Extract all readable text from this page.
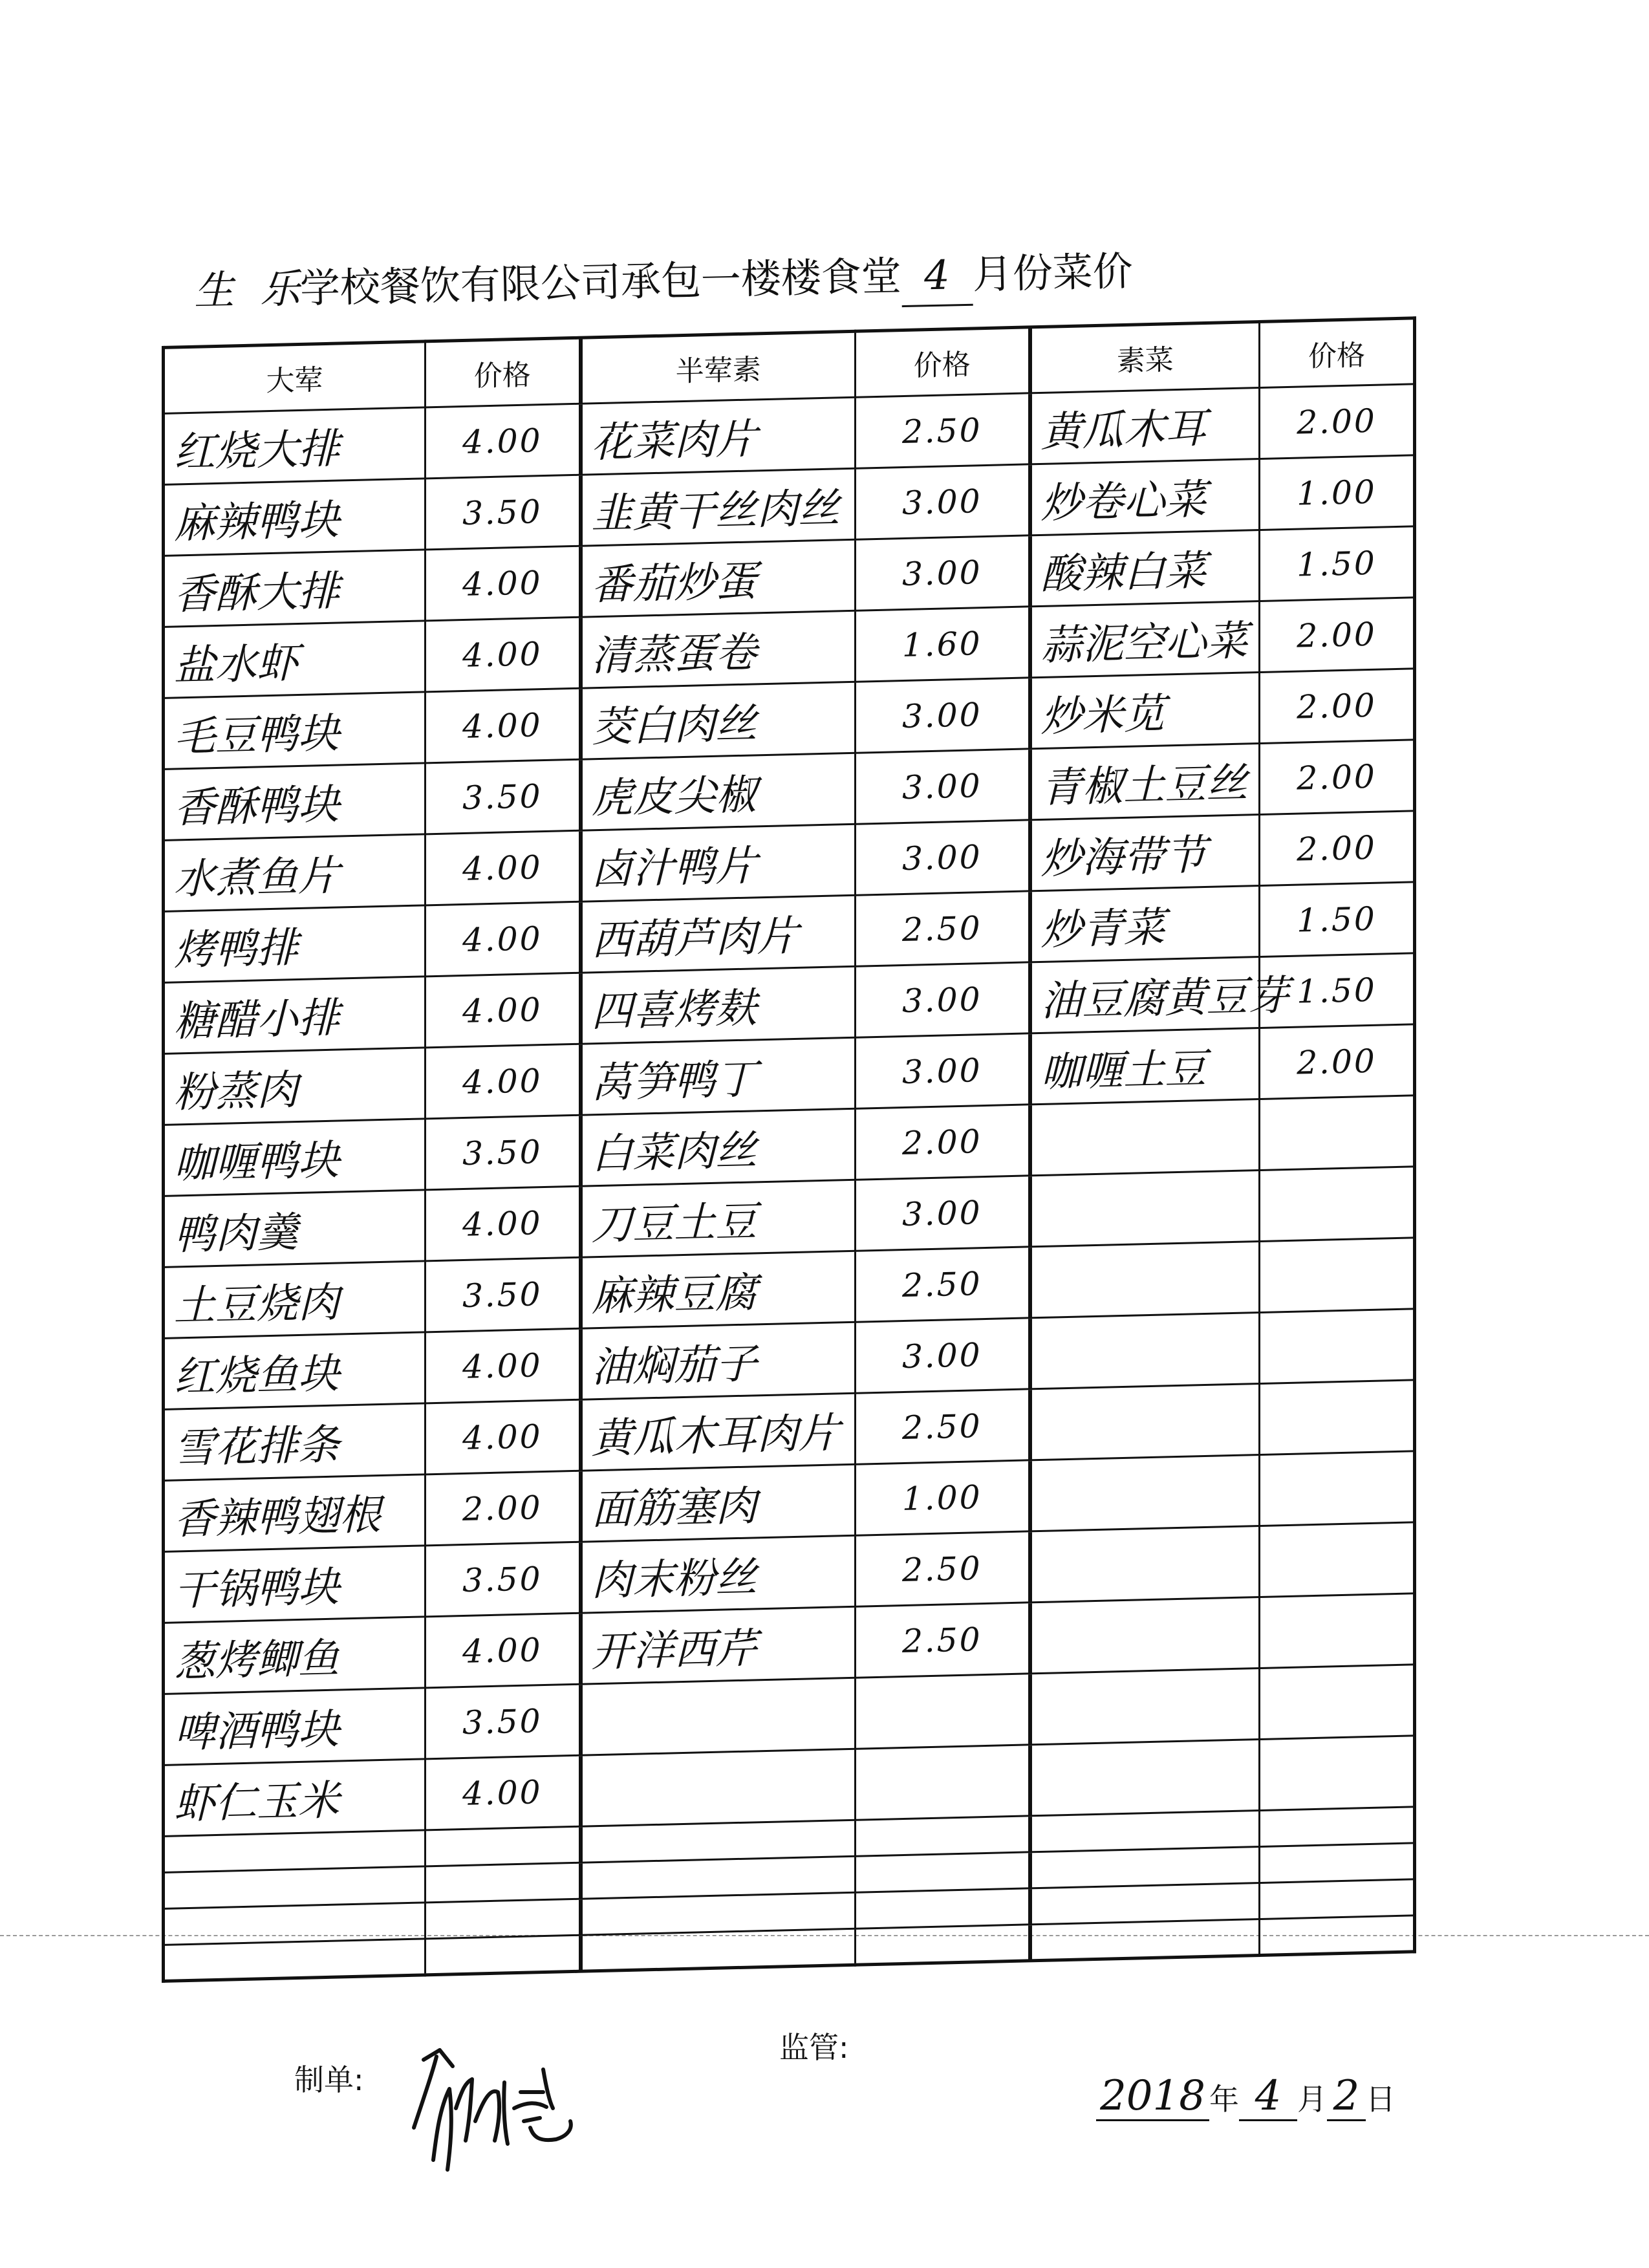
生 乐学校餐饮有限公司承包一楼楼食堂 4 月份菜价
大荤	价格	半荤素	价格	素菜	价格
红烧大排	4.00	花菜肉片	2.50	黄瓜木耳	2.00
麻辣鸭块	3.50	韭黄干丝肉丝	3.00	炒卷心菜	1.00
香酥大排	4.00	番茄炒蛋	3.00	酸辣白菜	1.50
盐水虾	4.00	清蒸蛋卷	1.60	蒜泥空心菜	2.00
毛豆鸭块	4.00	茭白肉丝	3.00	炒米苋	2.00
香酥鸭块	3.50	虎皮尖椒	3.00	青椒土豆丝	2.00
水煮鱼片	4.00	卤汁鸭片	3.00	炒海带节	2.00
烤鸭排	4.00	西葫芦肉片	2.50	炒青菜	1.50
糖醋小排	4.00	四喜烤麸	3.00	油豆腐黄豆芽	1.50
粉蒸肉	4.00	莴笋鸭丁	3.00	咖喱土豆	2.00
咖喱鸭块	3.50	白菜肉丝	2.00		
鸭肉羹	4.00	刀豆土豆	3.00		
土豆烧肉	3.50	麻辣豆腐	2.50		
红烧鱼块	4.00	油焖茄子	3.00		
雪花排条	4.00	黄瓜木耳肉片	2.50		
香辣鸭翅根	2.00	面筋塞肉	1.00		
干锅鸭块	3.50	肉末粉丝	2.50		
葱烤鲫鱼	4.00	开洋西芹	2.50		
啤酒鸭块	3.50				
虾仁玉米	4.00				

制单:
监管:
2018 年 4 月 2 日
